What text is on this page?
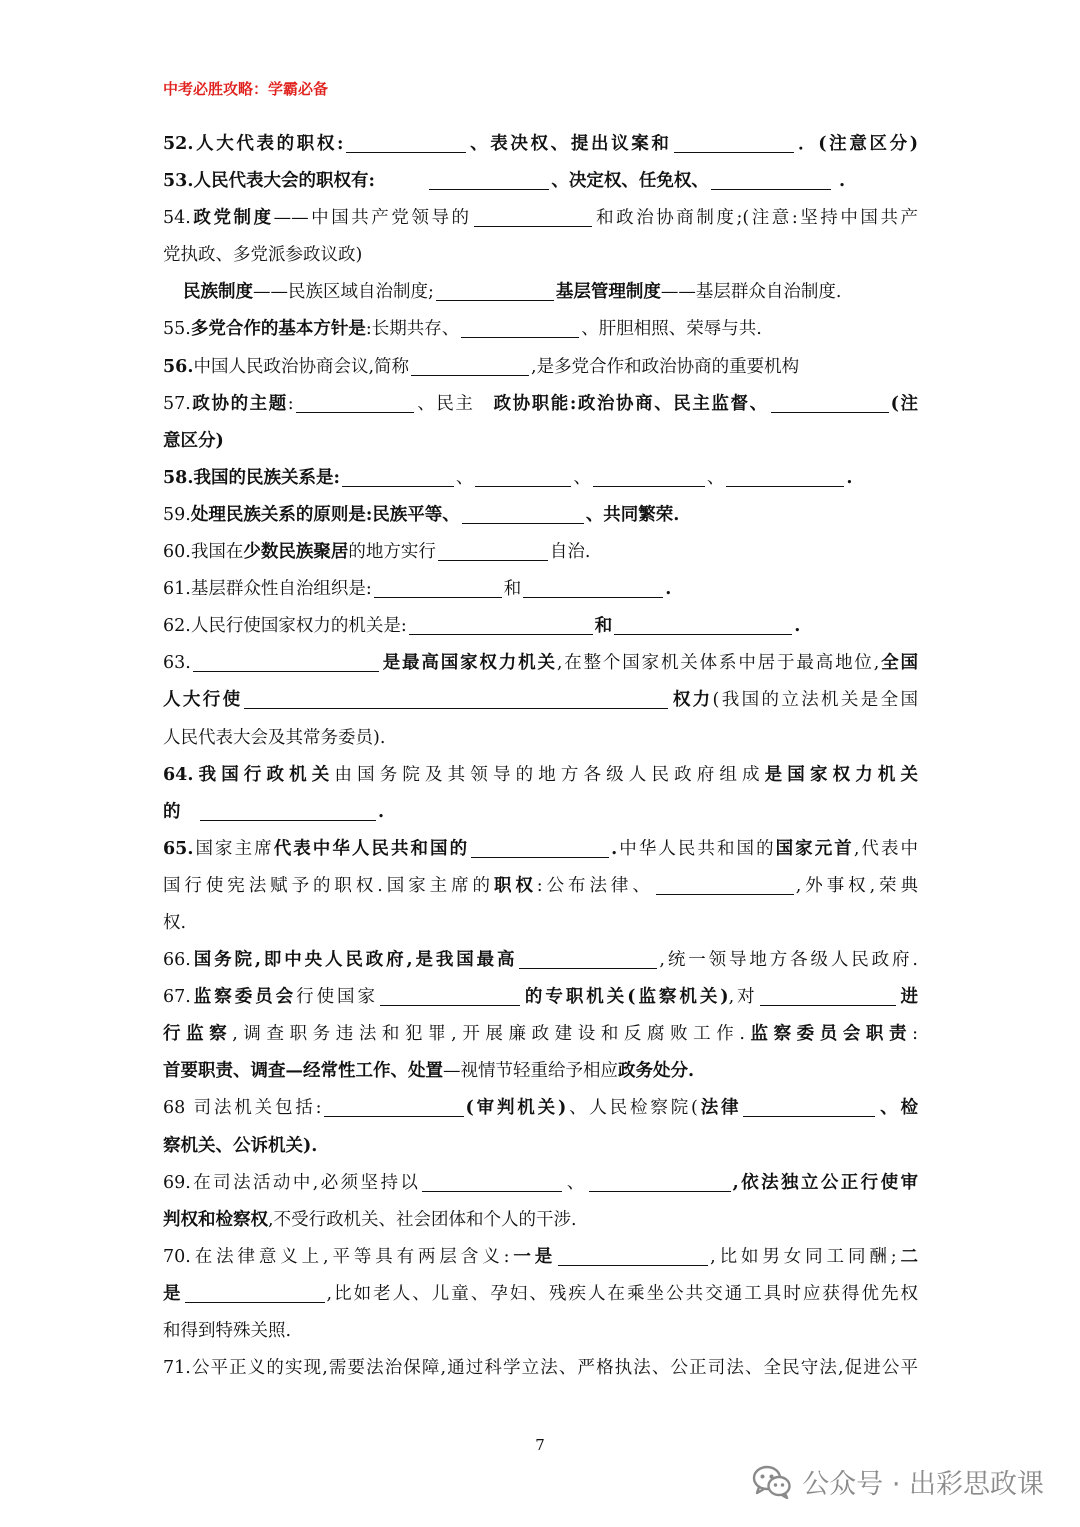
中考必胜攻略：学霸必备
52.人大代表的职权:	、表决权、提出议案和	．(注意区分)
53.人民代表大会的职权有:　　　	、决定权、任免权、	.
54.政党制度——中国共产党领导的	和政治协商制度;(注意:坚持中国共产
党执政、多党派参政议政)
民族制度——民族区域自治制度;	基层管理制度——基层群众自治制度.
55.多党合作的基本方针是:长期共存、	、肝胆相照、荣辱与共.
56.中国人民政治协商会议,简称	,是多党合作和政治协商的重要机构
57.政协的主题:	、民主　政协职能:政治协商、民主监督、	(注
意区分)
58.我国的民族关系是:	、	、	、	.
59.处理民族关系的原则是:民族平等、	、共同繁荣.
60.我国在少数民族聚居的地方实行	自治.
61.基层群众性自治组织是:	和	.
62.人民行使国家权力的机关是:	和	.
63.	是最高国家权力机关,在整个国家机关体系中居于最高地位,全国
人大行使	权力(我国的立法机关是全国
人民代表大会及其常务委员).
64.我国行政机关由国务院及其领导的地方各级人民政府组成是国家权力机关
的　	.
65.国家主席代表中华人民共和国的	.中华人民共和国的国家元首,代表中
国行使宪法赋予的职权.国家主席的职权:公布法律、	,外事权,荣典
权.
66.国务院,即中央人民政府,是我国最高	,统一领导地方各级人民政府.
67.监察委员会行使国家	的专职机关(监察机关),对	进
行监察,调查职务违法和犯罪,开展廉政建设和反腐败工作.监察委员会职责:
首要职责、调查—经常性工作、处置—视情节轻重给予相应政务处分.
68 司法机关包括:	(审判机关)、人民检察院(法律	、检
察机关、公诉机关).
69.在司法活动中,必须坚持以	、	,依法独立公正行使审
判权和检察权,不受行政机关、社会团体和个人的干涉.
70.在法律意义上,平等具有两层含义:一是	,比如男女同工同酬;二
是	,比如老人、儿童、孕妇、残疾人在乘坐公共交通工具时应获得优先权
和得到特殊关照.
71.公平正义的实现,需要法治保障,通过科学立法、严格执法、公正司法、全民守法,促进公平
7
公众号 · 出彩思政课
